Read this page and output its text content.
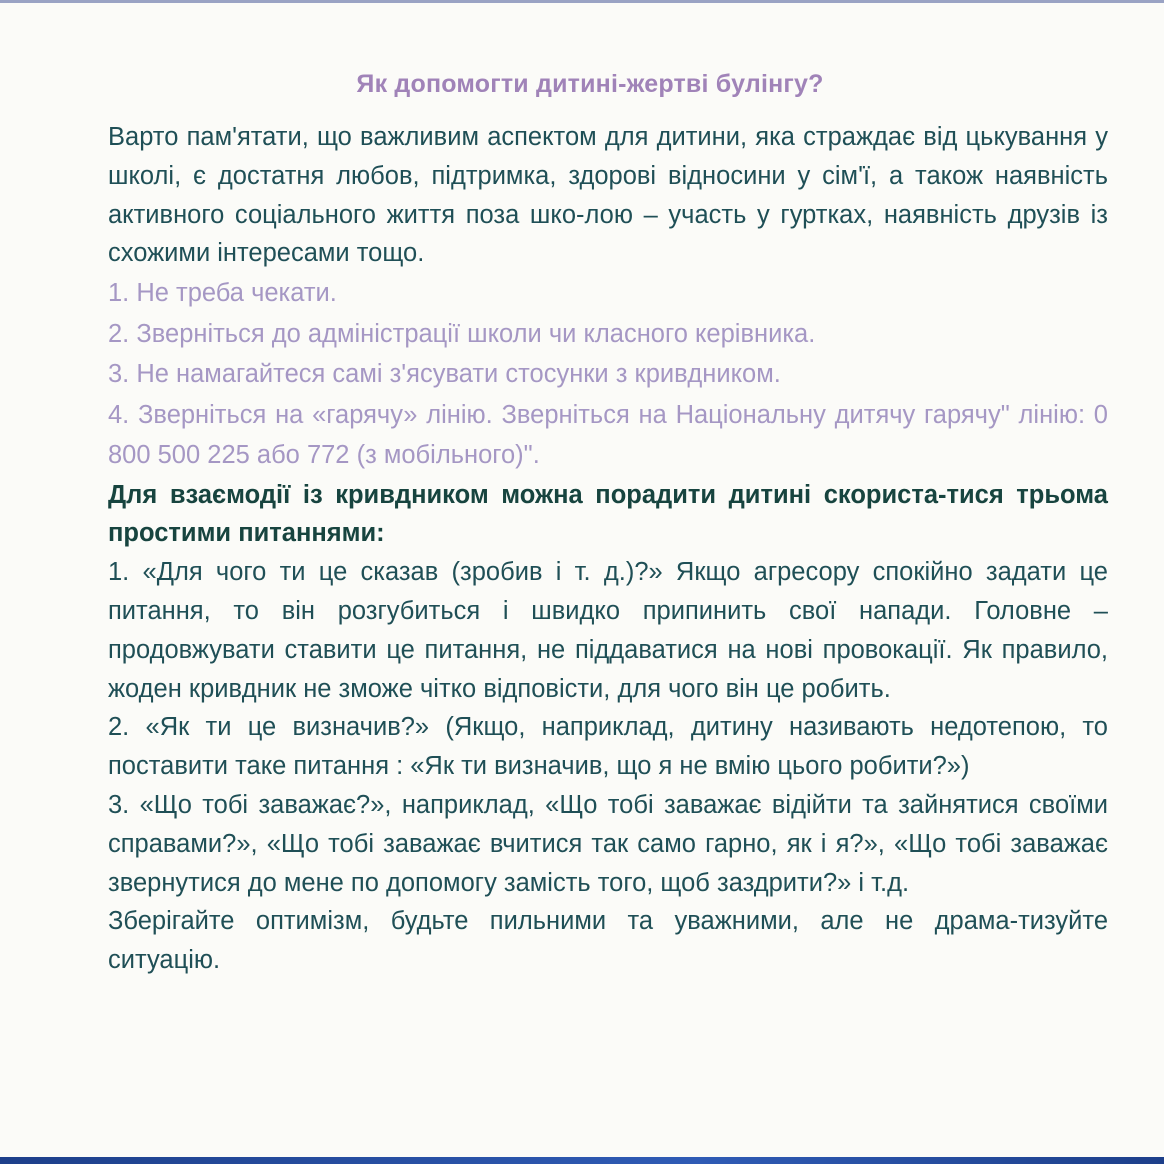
Як допомогти дитині-жертві булінгу?

Варто пам'ятати, що важливим аспектом для дитини, яка страждає від цькування у школі, є достатня любов, підтримка, здорові відносини у сім'ї, а також наявність активного соціального життя поза шко-лою – участь у гуртках, наявність друзів із схожими інтересами тощо.

1. Не треба чекати.

2. Зверніться до адміністрації школи чи класного керівника.

3. Не намагайтеся самі з'ясувати стосунки з кривдником.

4. Зверніться на «гарячу» лінію. Зверніться на Національну дитячу гарячу" лінію: 0 800 500 225 або 772 (з мобільного)".

Для взаємодії із кривдником можна порадити дитині скориста-тися трьома простими питаннями:

1. «Для чого ти це сказав (зробив і т. д.)?» Якщо агресору спокійно задати це питання, то він розгубиться і швидко припинить свої напади. Головне – продовжувати ставити це питання, не піддаватися на нові провокації. Як правило, жоден кривдник не зможе чітко відповісти, для чого він це робить.

2. «Як ти це визначив?» (Якщо, наприклад, дитину називають недотепою, то поставити таке питання : «Як ти визначив, що я не вмію цього робити?»)

3. «Що тобі заважає?», наприклад, «Що тобі заважає відійти та зайнятися своїми справами?», «Що тобі заважає вчитися так само гарно, як і я?», «Що тобі заважає звернутися до мене по допомогу замість того, щоб заздрити?» і т.д.

Зберігайте оптимізм, будьте пильними та уважними, але не драма-тизуйте ситуацію.
